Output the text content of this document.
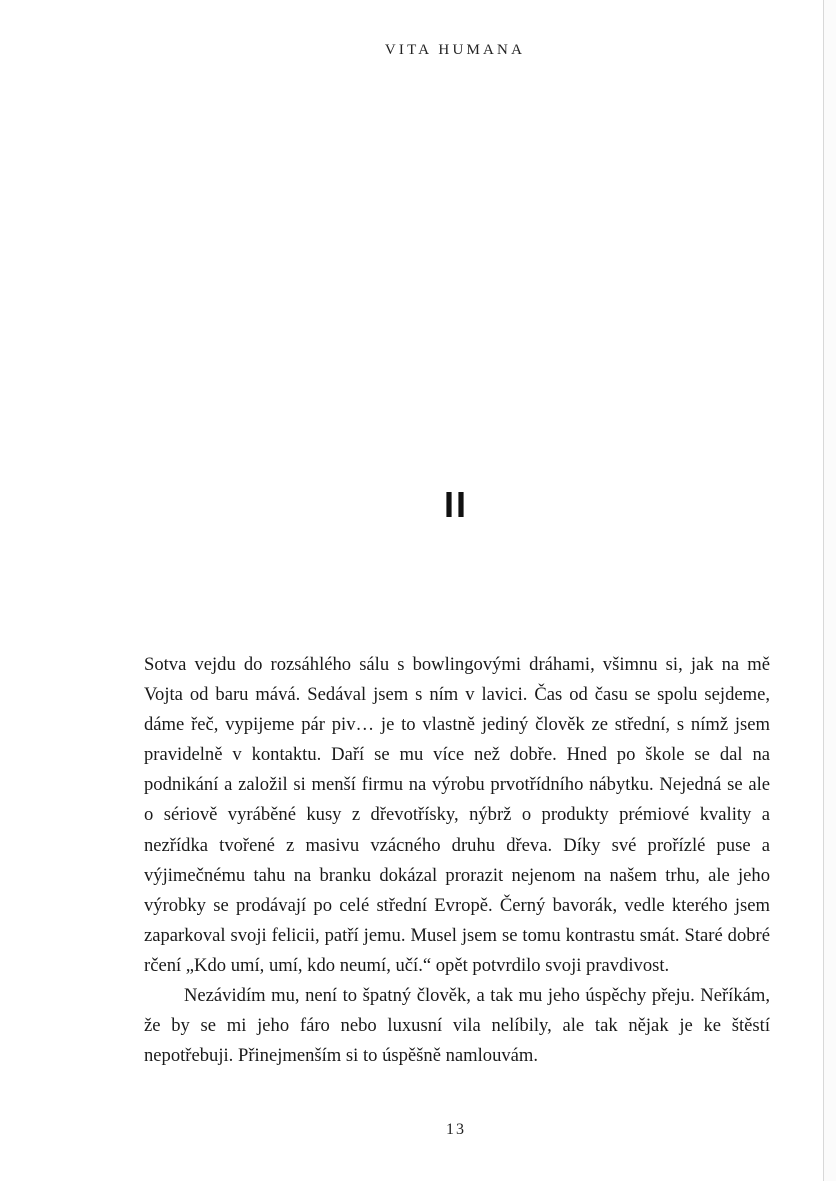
VITA HUMANA
II

Sotva vejdu do rozsáhlého sálu s bowlingovými dráhami, všimnu si, jak na mě Vojta od baru mává. Sedával jsem s ním v lavici. Čas od času se spolu sejdeme, dáme řeč, vypijeme pár piv… je to vlastně jediný člověk ze střední, s nímž jsem pravidelně v kontaktu. Daří se mu více než dobře. Hned po škole se dal na podnikání a založil si menší firmu na výrobu prvotřídního nábytku. Nejedná se ale o sériově vyráběné kusy z dřevotřísky, nýbrž o produkty prémiové kvality a nezřídka tvořené z masivu vzácného druhu dřeva. Díky své prořízlé puse a výjimečnému tahu na branku dokázal prorazit nejenom na našem trhu, ale jeho výrobky se prodávají po celé střední Evropě. Černý bavorák, vedle kterého jsem zaparkoval svoji felicii, patří jemu. Musel jsem se tomu kontrastu smát. Staré dobré rčení „Kdo umí, umí, kdo neumí, učí.“ opět potvrdilo svoji pravdivost.

Nezávidím mu, není to špatný člověk, a tak mu jeho úspěchy přeju. Neříkám, že by se mi jeho fáro nebo luxusní vila nelíbily, ale tak nějak je ke štěstí nepotřebuji. Přinejmenším si to úspěšně namlouvám.

13
